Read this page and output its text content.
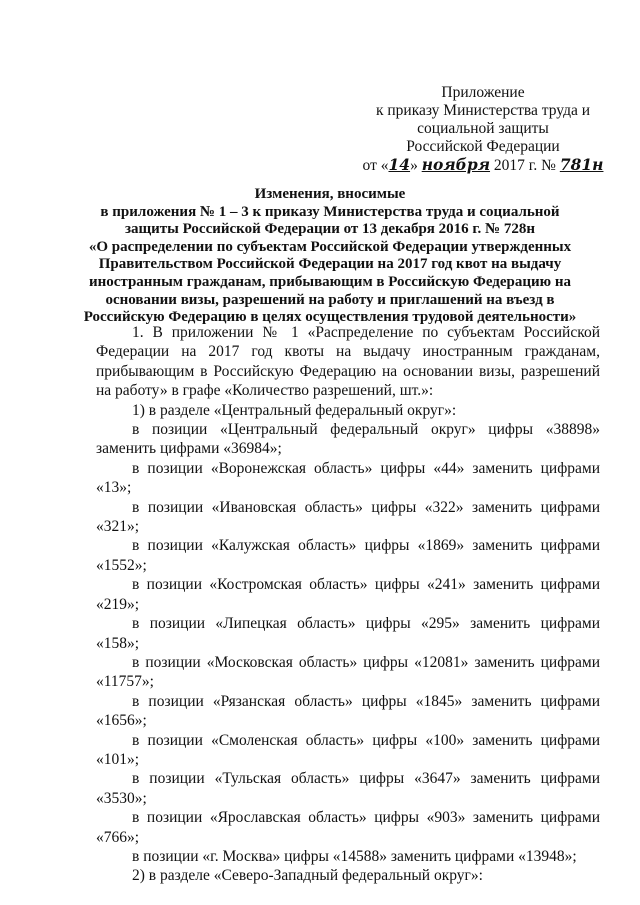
Приложение
к приказу Министерства труда и
социальной защиты
Российской Федерации
от «14» ноября 2017 г. № 781н
Изменения, вносимые
в приложения № 1 – 3 к приказу Министерства труда и социальной
защиты Российской Федерации от 13 декабря 2016 г. № 728н
«О распределении по субъектам Российской Федерации утвержденных
Правительством Российской Федерации на 2017 год квот на выдачу
иностранным гражданам, прибывающим в Российскую Федерацию на
основании визы, разрешений на работу и приглашений на въезд в
Российскую Федерацию в целях осуществления трудовой деятельности»

1. В приложении № 1 «Распределение по субъектам Российской Федерации на 2017 год квоты на выдачу иностранным гражданам, прибывающим в Российскую Федерацию на основании визы, разрешений на работу» в графе «Количество разрешений, шт.»:

1) в разделе «Центральный федеральный округ»:

в позиции «Центральный федеральный округ» цифры «38898» заменить цифрами «36984»;

в позиции «Воронежская область» цифры «44» заменить цифрами «13»;

в позиции «Ивановская область» цифры «322» заменить цифрами «321»;

в позиции «Калужская область» цифры «1869» заменить цифрами «1552»;

в позиции «Костромская область» цифры «241» заменить цифрами «219»;

в позиции «Липецкая область» цифры «295» заменить цифрами «158»;

в позиции «Московская область» цифры «12081» заменить цифрами «11757»;

в позиции «Рязанская область» цифры «1845» заменить цифрами «1656»;

в позиции «Смоленская область» цифры «100» заменить цифрами «101»;

в позиции «Тульская область» цифры «3647» заменить цифрами «3530»;

в позиции «Ярославская область» цифры «903» заменить цифрами «766»;

в позиции «г. Москва» цифры «14588» заменить цифрами «13948»;

2) в разделе «Северо-Западный федеральный округ»:
